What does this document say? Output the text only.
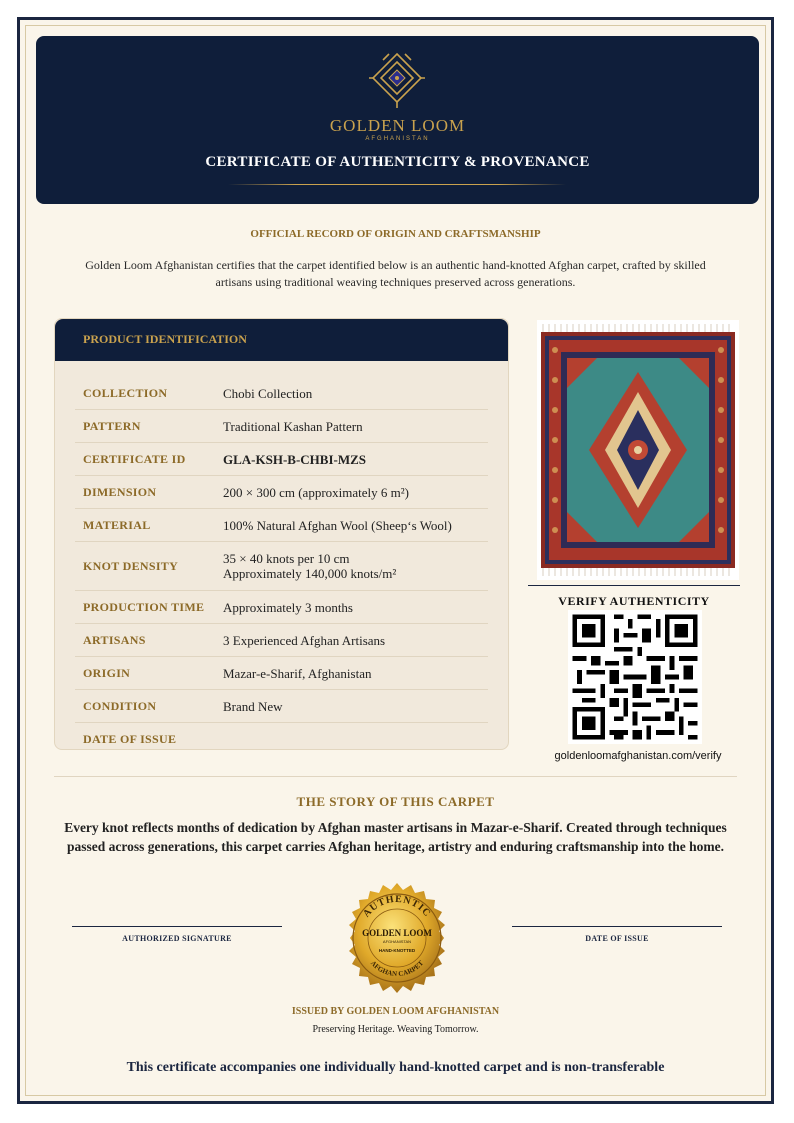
GOLDEN LOOM
AFGHANISTAN
CERTIFICATE OF AUTHENTICITY & PROVENANCE
OFFICIAL RECORD OF ORIGIN AND CRAFTSMANSHIP
Golden Loom Afghanistan certifies that the carpet identified below is an authentic hand-knotted Afghan carpet, crafted by skilled artisans using traditional weaving techniques preserved across generations.
PRODUCT IDENTIFICATION
COLLECTION	Chobi Collection
PATTERN	Traditional Kashan Pattern
CERTIFICATE ID	GLA-KSH-B-CHBI-MZS
DIMENSION	200 × 300 cm (approximately 6 m²)
MATERIAL	100% Natural Afghan Wool (Sheep‘s Wool)
KNOT DENSITY	35 × 40 knots per 10 cm
Approximately 140,000 knots/m²
PRODUCTION TIME	Approximately 3 months
ARTISANS	3 Experienced Afghan Artisans
ORIGIN	Mazar-e-Sharif, Afghanistan
CONDITION	Brand New
DATE OF ISSUE
VERIFY AUTHENTICITY
goldenloomafghanistan.com/verify
THE STORY OF THIS CARPET
Every knot reflects months of dedication by Afghan master artisans in Mazar-e-Sharif. Created through techniques passed across generations, this carpet carries Afghan heritage, artistry and enduring craftsmanship into the home.
AUTHORIZED SIGNATURE	DATE OF ISSUE
AUTHENTIC
GOLDEN LOOM
AFGHANISTAN
HAND-KNOTTED
AFGHAN CARPET
ISSUED BY GOLDEN LOOM AFGHANISTAN
Preserving Heritage. Weaving Tomorrow.
This certificate accompanies one individually hand-knotted carpet and is non-transferable
